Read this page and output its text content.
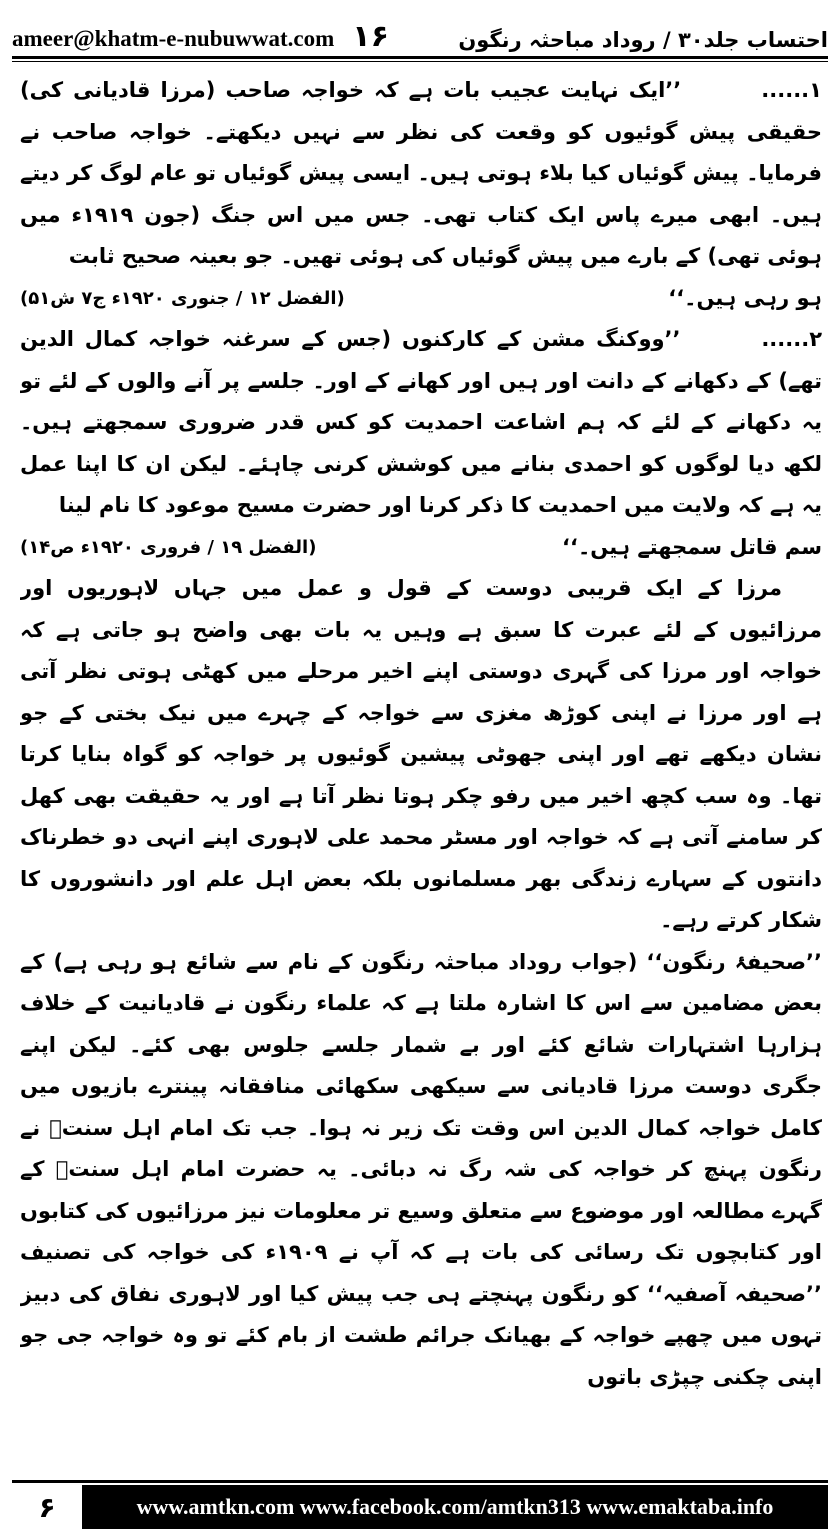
ameer@khatm-e-nubuwwat.com ۱۶	احتساب جلد۳۰ / روداد مباحثہ رنگون

۱...... ’’ایک نہایت عجیب بات ہے کہ خواجہ صاحب (مرزا قادیانی کی) حقیقی پیش گوئیوں کو وقعت کی نظر سے نہیں دیکھتے۔ خواجہ صاحب نے فرمایا۔ پیش گوئیاں کیا بلاء ہوتی ہیں۔ ایسی پیش گوئیاں تو عام لوگ کر دیتے ہیں۔ ابھی میرے پاس ایک کتاب تھی۔ جس میں اس جنگ (جون ۱۹۱۹ء میں ہوئی تھی) کے بارے میں پیش گوئیاں کی ہوئی تھیں۔ جو بعینہ صحیح ثابت

ہو رہی ہیں۔‘‘
(الفضل ۱۲ / جنوری ۱۹۲۰ء ج۷ ش۵۱)

۲...... ’’ووکنگ مشن کے کارکنوں (جس کے سرغنہ خواجہ کمال الدین تھے) کے دکھانے کے دانت اور ہیں اور کھانے کے اور۔ جلسے پر آنے والوں کے لئے تو یہ دکھانے کے لئے کہ ہم اشاعت احمدیت کو کس قدر ضروری سمجھتے ہیں۔ لکھ دیا لوگوں کو احمدی بنانے میں کوشش کرنی چاہئے۔ لیکن ان کا اپنا عمل یہ ہے کہ ولایت میں احمدیت کا ذکر کرنا اور حضرت مسیح موعود کا نام لینا

سم قاتل سمجھتے ہیں۔‘‘
(الفضل ۱۹ / فروری ۱۹۲۰ء ص۱۴)

مرزا کے ایک قریبی دوست کے قول و عمل میں جہاں لاہوریوں اور مرزائیوں کے لئے عبرت کا سبق ہے وہیں یہ بات بھی واضح ہو جاتی ہے کہ خواجہ اور مرزا کی گہری دوستی اپنے اخیر مرحلے میں کھٹی ہوتی نظر آتی ہے اور مرزا نے اپنی کوڑھ مغزی سے خواجہ کے چہرے میں نیک بختی کے جو نشان دیکھے تھے اور اپنی جھوٹی پیشین گوئیوں پر خواجہ کو گواہ بنایا کرتا تھا۔ وہ سب کچھ اخیر میں رفو چکر ہوتا نظر آتا ہے اور یہ حقیقت بھی کھل کر سامنے آتی ہے کہ خواجہ اور مسٹر محمد علی لاہوری اپنے انہی دو خطرناک دانتوں کے سہارے زندگی بھر مسلمانوں بلکہ بعض اہل علم اور دانشوروں کا شکار کرتے رہے۔

’’صحیفۂ رنگون‘‘ (جواب روداد مباحثہ رنگون کے نام سے شائع ہو رہی ہے) کے بعض مضامین سے اس کا اشارہ ملتا ہے کہ علماء رنگون نے قادیانیت کے خلاف ہزارہا اشتہارات شائع کئے اور بے شمار جلسے جلوس بھی کئے۔ لیکن اپنے جگری دوست مرزا قادیانی سے سیکھی سکھائی منافقانہ پینترے بازیوں میں کامل خواجہ کمال الدین اس وقت تک زیر نہ ہوا۔ جب تک امام اہل سنتؒ نے رنگون پہنچ کر خواجہ کی شہ رگ نہ دبائی۔ یہ حضرت امام اہل سنتؒ کے گہرے مطالعہ اور موضوع سے متعلق وسیع تر معلومات نیز مرزائیوں کی کتابوں اور کتابچوں تک رسائی کی بات ہے کہ آپ نے ۱۹۰۹ء کی خواجہ کی تصنیف ’’صحیفہ آصفیہ‘‘ کو رنگون پہنچتے ہی جب پیش کیا اور لاہوری نفاق کی دبیز تہوں میں چھپے خواجہ کے بھیانک جرائم طشت از بام کئے تو وہ خواجہ جی جو اپنی چکنی چپڑی باتوں

۶	www.amtkn.com www.facebook.com/amtkn313 www.emaktaba.info
